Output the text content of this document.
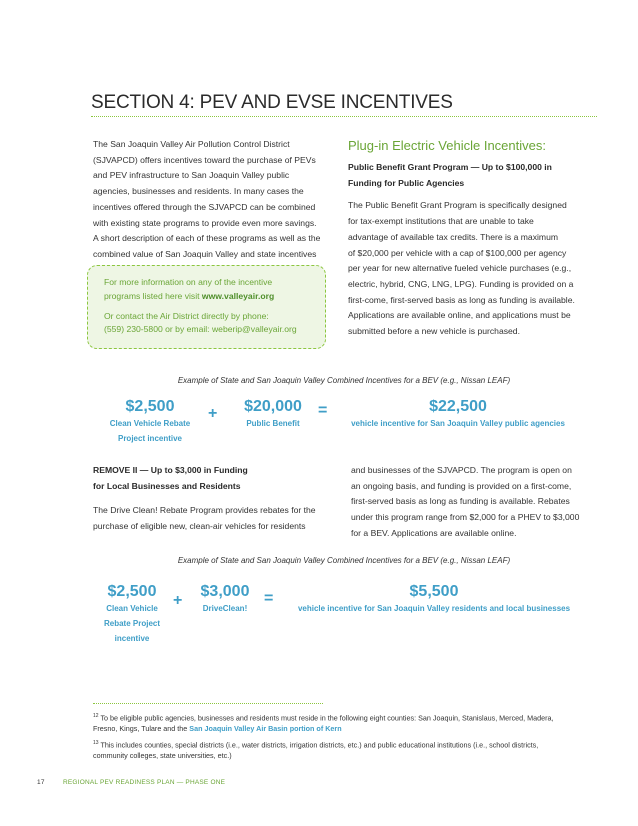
SECTION 4: PEV AND EVSE INCENTIVES
The San Joaquin Valley Air Pollution Control District
(SJVAPCD) offers incentives toward the purchase of PEVs
and PEV infrastructure to San Joaquin Valley public
agencies, businesses and residents. In many cases the
incentives offered through the SJVAPCD can be combined
with existing state programs to provide even more savings.
A short description of each of these programs as well as the
combined value of San Joaquin Valley and state incentives

For more information on any of the incentive

programs listed here visit www.valleyair.org

Or contact the Air District directly by phone:

(559) 230-5800 or by email: weberip@valleyair.org

Plug-in Electric Vehicle Incentives:
Public Benefit Grant Program — Up to $100,000 in
Funding for Public Agencies
The Public Benefit Grant Program is specifically designed
for tax-exempt institutions that are unable to take
advantage of available tax credits. There is a maximum
of $20,000 per vehicle with a cap of $100,000 per agency
per year for new alternative fueled vehicle purchases (e.g.,
electric, hybrid, CNG, LNG, LPG). Funding is provided on a
first-come, first-served basis as long as funding is available.
Applications are available online, and applications must be
submitted before a new vehicle is purchased.
Example of State and San Joaquin Valley Combined Incentives for a BEV (e.g., Nissan LEAF)
$2,500
Clean Vehicle Rebate
Project incentive
+	$20,000
Public Benefit
=	$22,500
vehicle incentive for San Joaquin Valley public agencies
REMOVE II — Up to $3,000 in Funding
for Local Businesses and Residents
The Drive Clean! Rebate Program provides rebates for the
purchase of eligible new, clean-air vehicles for residents
and businesses of the SJVAPCD. The program is open on
an ongoing basis, and funding is provided on a first-come,
first-served basis as long as funding is available. Rebates
under this program range from $2,000 for a PHEV to $3,000
for a BEV. Applications are available online.
Example of State and San Joaquin Valley Combined Incentives for a BEV (e.g., Nissan LEAF)
$2,500
Clean Vehicle
Rebate Project
incentive
+
$3,000
DriveClean!
=	$5,500
vehicle incentive for San Joaquin Valley residents and local businesses
$^{12}$ To be eligible public agencies, businesses and residents must reside in the following eight counties: San Joaquin, Stanislaus, Merced, Madera,
Fresno, Kings, Tulare and the San Joaquin Valley Air Basin portion of Kern
$^{13}$ This includes counties, special districts (i.e., water districts, irrigation districts, etc.) and public educational institutions (i.e., school districts,
community colleges, state universities, etc.)
17	REGIONAL PEV READINESS PLAN — PHASE ONE
